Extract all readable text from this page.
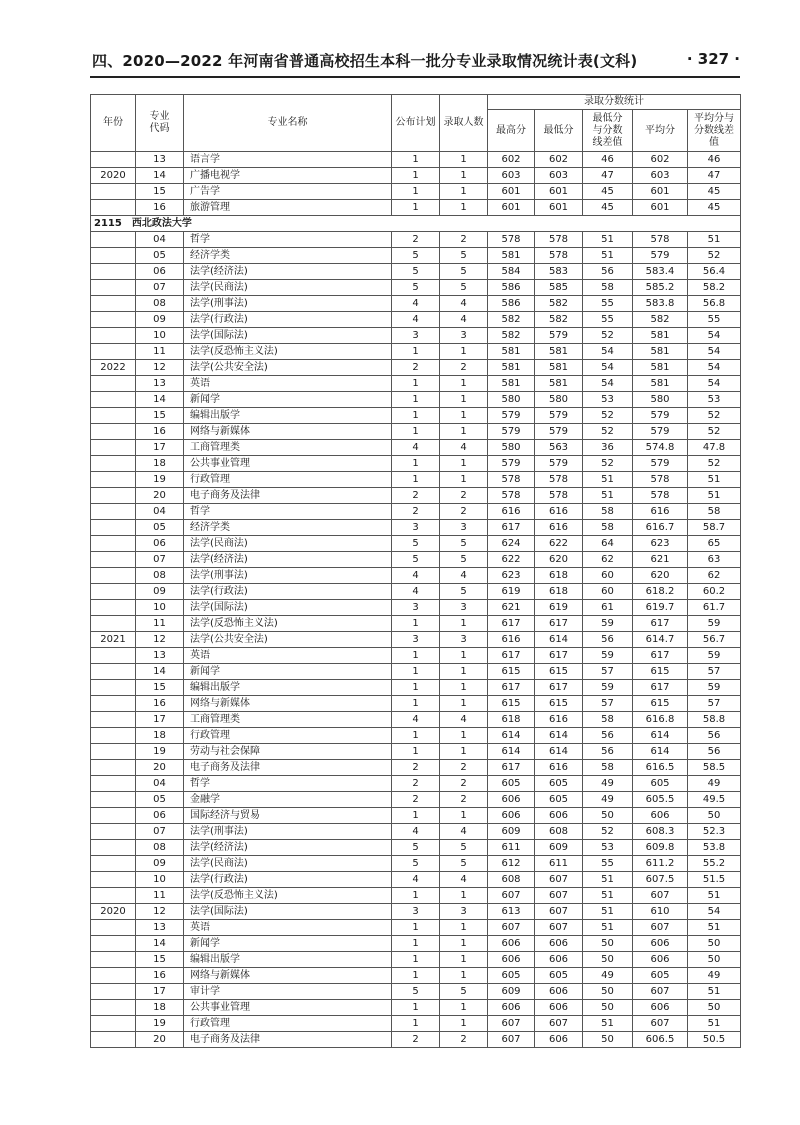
四、2020—2022 年河南省普通高校招生本科一批分专业录取情况统计表(文科)	· 327 ·
年份	专业代码	专业名称	公布计划	录取人数	录取分数统计				
					最高分	最低分	最低分与分数线差值	平均分	平均分与分数线差值
	13	语言学	1	1	602	602	46	602	46
2020	14	广播电视学	1	1	603	603	47	603	47
	15	广告学	1	1	601	601	45	601	45
	16	旅游管理	1	1	601	601	45	601	45
2115　西北政法大学									
	04	哲学	2	2	578	578	51	578	51
	05	经济学类	5	5	581	578	51	579	52
	06	法学(经济法)	5	5	584	583	56	583.4	56.4
	07	法学(民商法)	5	5	586	585	58	585.2	58.2
	08	法学(刑事法)	4	4	586	582	55	583.8	56.8
	09	法学(行政法)	4	4	582	582	55	582	55
	10	法学(国际法)	3	3	582	579	52	581	54
	11	法学(反恐怖主义法)	1	1	581	581	54	581	54
2022	12	法学(公共安全法)	2	2	581	581	54	581	54
	13	英语	1	1	581	581	54	581	54
	14	新闻学	1	1	580	580	53	580	53
	15	编辑出版学	1	1	579	579	52	579	52
	16	网络与新媒体	1	1	579	579	52	579	52
	17	工商管理类	4	4	580	563	36	574.8	47.8
	18	公共事业管理	1	1	579	579	52	579	52
	19	行政管理	1	1	578	578	51	578	51
	20	电子商务及法律	2	2	578	578	51	578	51
	04	哲学	2	2	616	616	58	616	58
	05	经济学类	3	3	617	616	58	616.7	58.7
	06	法学(民商法)	5	5	624	622	64	623	65
	07	法学(经济法)	5	5	622	620	62	621	63
	08	法学(刑事法)	4	4	623	618	60	620	62
	09	法学(行政法)	4	5	619	618	60	618.2	60.2
	10	法学(国际法)	3	3	621	619	61	619.7	61.7
	11	法学(反恐怖主义法)	1	1	617	617	59	617	59
2021	12	法学(公共安全法)	3	3	616	614	56	614.7	56.7
	13	英语	1	1	617	617	59	617	59
	14	新闻学	1	1	615	615	57	615	57
	15	编辑出版学	1	1	617	617	59	617	59
	16	网络与新媒体	1	1	615	615	57	615	57
	17	工商管理类	4	4	618	616	58	616.8	58.8
	18	行政管理	1	1	614	614	56	614	56
	19	劳动与社会保障	1	1	614	614	56	614	56
	20	电子商务及法律	2	2	617	616	58	616.5	58.5
	04	哲学	2	2	605	605	49	605	49
	05	金融学	2	2	606	605	49	605.5	49.5
	06	国际经济与贸易	1	1	606	606	50	606	50
	07	法学(刑事法)	4	4	609	608	52	608.3	52.3
	08	法学(经济法)	5	5	611	609	53	609.8	53.8
	09	法学(民商法)	5	5	612	611	55	611.2	55.2
	10	法学(行政法)	4	4	608	607	51	607.5	51.5
	11	法学(反恐怖主义法)	1	1	607	607	51	607	51
2020	12	法学(国际法)	3	3	613	607	51	610	54
	13	英语	1	1	607	607	51	607	51
	14	新闻学	1	1	606	606	50	606	50
	15	编辑出版学	1	1	606	606	50	606	50
	16	网络与新媒体	1	1	605	605	49	605	49
	17	审计学	5	5	609	606	50	607	51
	18	公共事业管理	1	1	606	606	50	606	50
	19	行政管理	1	1	607	607	51	607	51
	20	电子商务及法律	2	2	607	606	50	606.5	50.5
